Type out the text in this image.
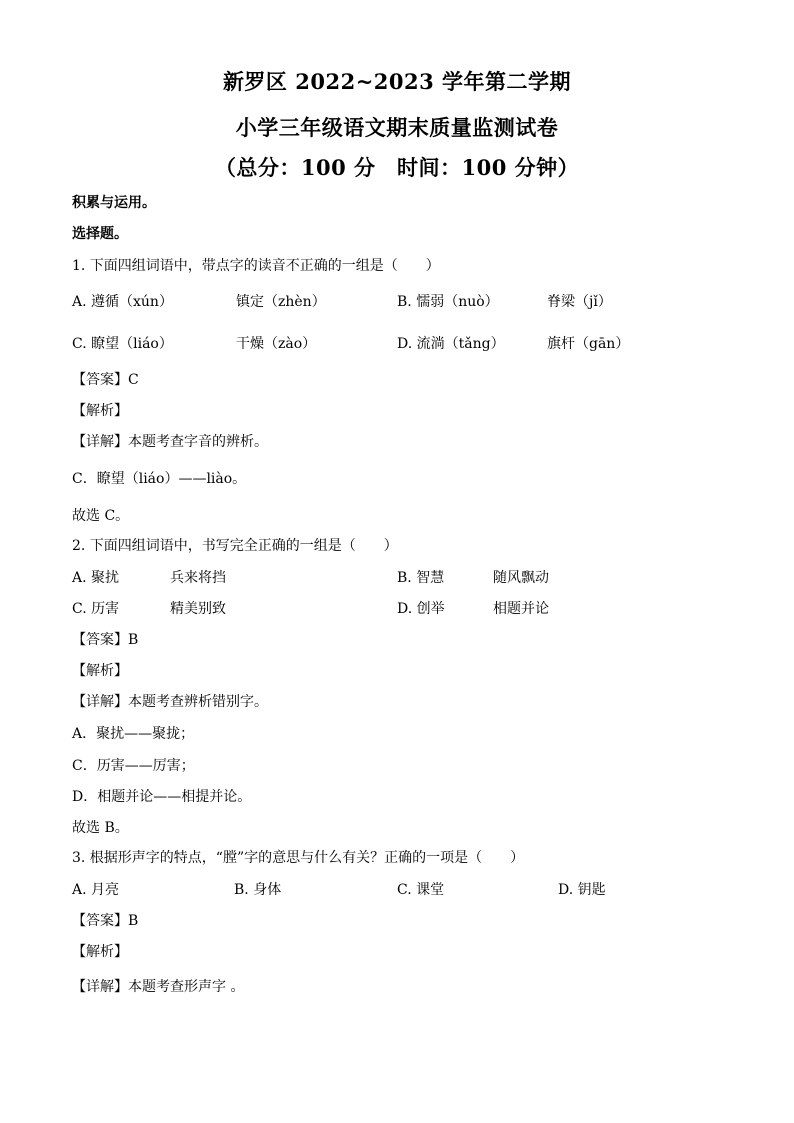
新罗区 2022~2023 学年第二学期
小学三年级语文期末质量监测试卷
（总分：100 分　时间：100 分钟）
积累与运用。
选择题。
1. 下面四组词语中，带点字的读音不正确的一组是（　　）
A. 遵循（xún）	镇定（zhèn）	B. 懦弱（nuò）	脊梁（jǐ）
C. 瞭望（liáo）	干燥（zào）	D. 流淌（tǎng）	旗杆（gān）
【答案】C
【解析】
【详解】本题考查字音的辨析。
C．瞭望（liáo）——liào。
故选 C。
2. 下面四组词语中，书写完全正确的一组是（　　）
A. 聚扰	兵来将挡	B. 智慧	随风飘动
C. 历害	精美别致	D. 创举	相题并论
【答案】B
【解析】
【详解】本题考查辨析错别字。
A．聚扰——聚拢；
C．历害——厉害；
D．相题并论——相提并论。
故选 B。
3. 根据形声字的特点，“膛”字的意思与什么有关？正确的一项是（　　）
A. 月亮	B. 身体	C. 课堂	D. 钥匙
【答案】B
【解析】
【详解】本题考查形声字 。
